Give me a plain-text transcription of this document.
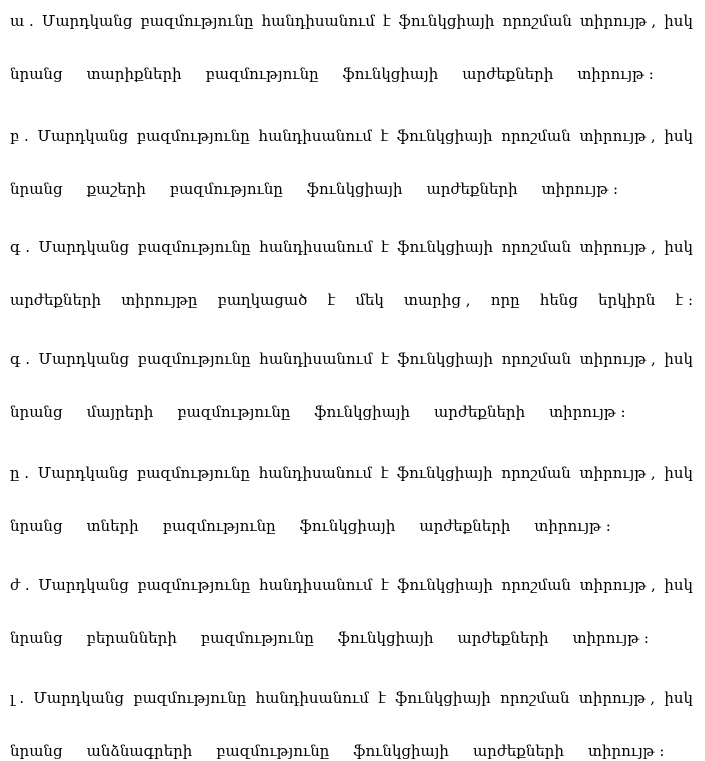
ա . Մարդկանց բազմությունը հանդիսանում է ֆունկցիայի որոշման տիրույթ , իսկ
նրանց տարիքների բազմությունը ֆունկցիայի արժեքների տիրույթ :
բ . Մարդկանց բազմությունը հանդիսանում է ֆունկցիայի որոշման տիրույթ , իսկ
նրանց քաշերի բազմությունը ֆունկցիայի արժեքների տիրույթ :
գ . Մարդկանց բազմությունը հանդիսանում է ֆունկցիայի որոշման տիրույթ , իսկ
արժեքների տիրույթը բաղկացած է մեկ տարից , որը հենց երկիրն է :
գ . Մարդկանց բազմությունը հանդիսանում է ֆունկցիայի որոշման տիրույթ , իսկ
նրանց մայրերի բազմությունը ֆունկցիայի արժեքների տիրույթ :
ը . Մարդկանց բազմությունը հանդիսանում է ֆունկցիայի որոշման տիրույթ , իսկ
նրանց տների բազմությունը ֆունկցիայի արժեքների տիրույթ :
ժ . Մարդկանց բազմությունը հանդիսանում է ֆունկցիայի որոշման տիրույթ , իսկ
նրանց բերանների բազմությունը ֆունկցիայի արժեքների տիրույթ :
լ . Մարդկանց բազմությունը հանդիսանում է ֆունկցիայի որոշման տիրույթ , իսկ
նրանց անձնագրերի բազմությունը ֆունկցիայի արժեքների տիրույթ :
